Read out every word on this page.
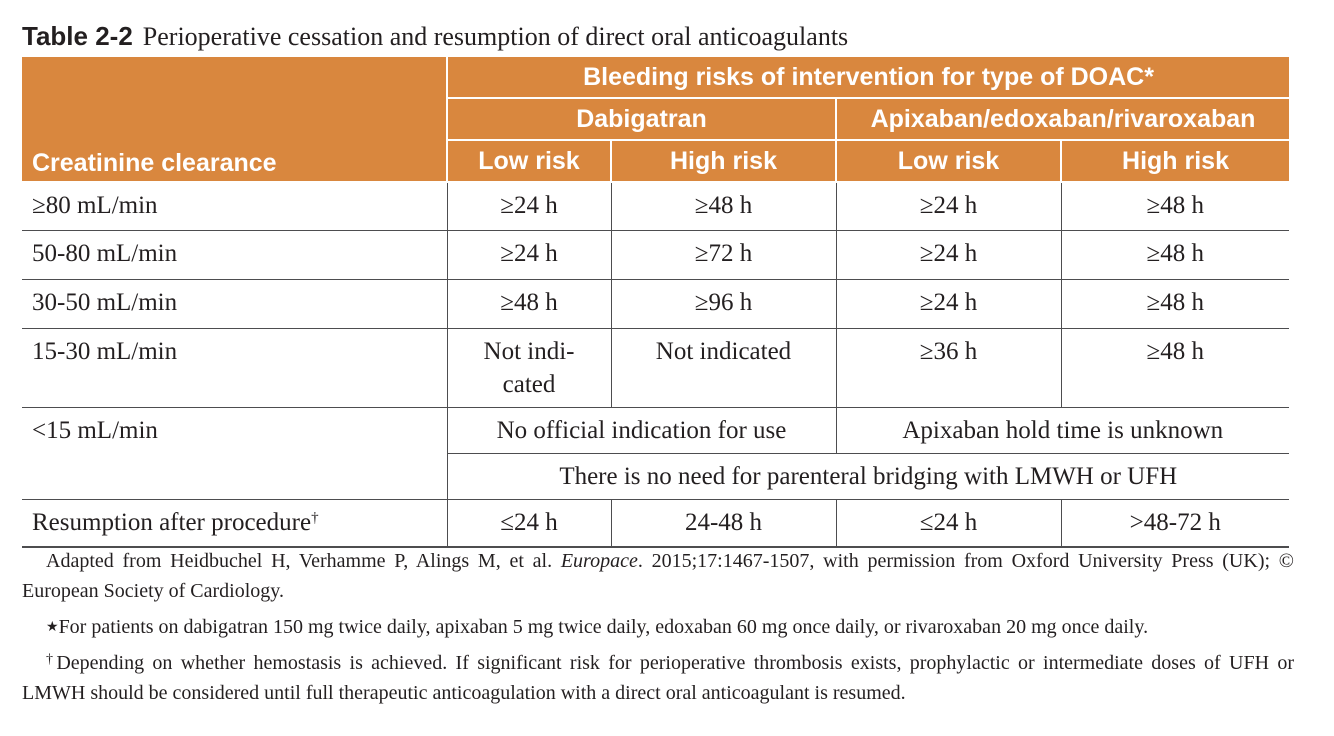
Table 2-2 Perioperative cessation and resumption of direct oral anticoagulants
Creatinine clearance	Bleeding risks of intervention for type of DOAC*			
	Dabigatran		Apixaban/edoxaban/rivaroxaban	
	Low risk	High risk	Low risk	High risk
≥80 mL/min	≥24 h	≥48 h	≥24 h	≥48 h
50-80 mL/min	≥24 h	≥72 h	≥24 h	≥48 h
30-50 mL/min	≥48 h	≥96 h	≥24 h	≥48 h
15-30 mL/min	Not indi-cated	Not indicated	≥36 h	≥48 h
<15 mL/min	No official indication for use		Apixaban hold time is unknown	
	There is no need for parenteral bridging with LMWH or UFH			
Resumption after procedure†	≤24 h	24-48 h	≤24 h	>48-72 h

Adapted from Heidbuchel H, Verhamme P, Alings M, et al. Europace. 2015;17:1467-1507, with permission from Oxford University Press (UK); © European Society of Cardiology.

★For patients on dabigatran 150 mg twice daily, apixaban 5 mg twice daily, edoxaban 60 mg once daily, or rivaroxaban 20 mg once daily.

†Depending on whether hemostasis is achieved. If significant risk for perioperative thrombosis exists, prophylactic or intermediate doses of UFH or LMWH should be considered until full therapeutic anticoagulation with a direct oral anticoagulant is resumed.
